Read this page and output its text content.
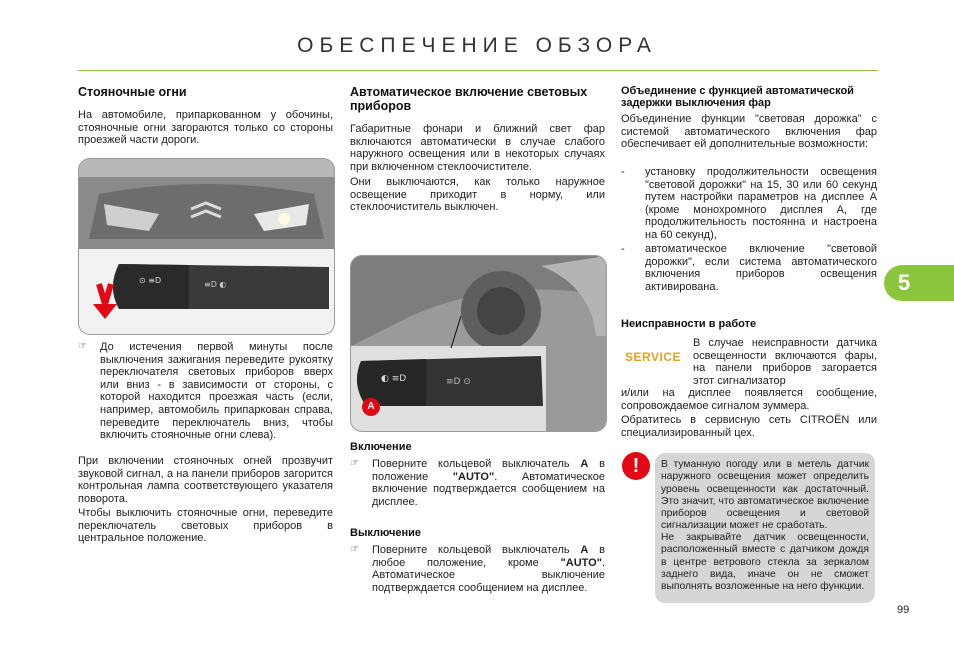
ОБЕСПЕЧЕНИЕ ОБЗОРА
Стояночные огни
На автомобиле, припаркованном у обочины, стояночные огни загораются только со стороны проезжей части дороги.
⊙ ≡D	≡D ◐
☞	До истечения первой минуты после выключения зажигания переведите рукоятку переключателя световых приборов вверх или вниз - в зависимости от стороны, с которой находится проезжая часть (если, например, автомобиль припаркован справа, переведите переключатель вниз, чтобы включить стояночные огни слева).
При включении стояночных огней прозвучит звуковой сигнал, а на панели приборов загорится контрольная лампа соответствующего указателя поворота.
Чтобы выключить стояночные огни, переведите переключатель световых приборов в центральное положение.
Автоматическое включение световых приборов
Габаритные фонари и ближний свет фар включаются автоматически в случае слабого наружного освещения или в некоторых случаях при включенном стеклоочистителе.
Они выключаются, как только наружное освещение приходит в норму, или стеклоочиститель выключен.
◐ ≡D	≡D ⊙
A
Включение
☞	Поверните кольцевой выключатель A в положение "AUTO". Автоматическое включение подтверждается сообщением на дисплее.
Выключение
☞	Поверните кольцевой выключатель A в любое положение, кроме "AUTO". Автоматическое выключение подтверждается сообщением на дисплее.
Объединение с функцией автоматической задержки выключения фар
Объединение функции "световая дорожка" с системой автоматического включения фар обеспечивает ей дополнительные возможности:
-	установку продолжительности освещения "световой дорожки" на 15, 30 или 60 секунд путем настройки параметров на дисплее A (кроме монохромного дисплея A, где продолжительность постоянна и настроена на 60 секунд),
-	автоматическое включение "световой дорожки", если система автоматического включения приборов освещения активирована.
Неисправности в работе
SERVICE
В случае неисправности датчика освещенности включаются фары, на панели приборов загорается этот сигнализатор
и/или на дисплее появляется сообщение, сопровождаемое сигналом зуммера.
Обратитесь в сервисную сеть CITROËN или специализированный цех.
!	В туманную погоду или в метель датчик наружного освещения может определить уровень освещенности как достаточный. Это значит, что автоматическое включение приборов освещения и световой сигнализации может не сработать.
Не закрывайте датчик освещенности, расположенный вместе с датчиком дождя в центре ветрового стекла за зеркалом заднего вида, иначе он не сможет выполнять возложенные на него функции.
5
99
